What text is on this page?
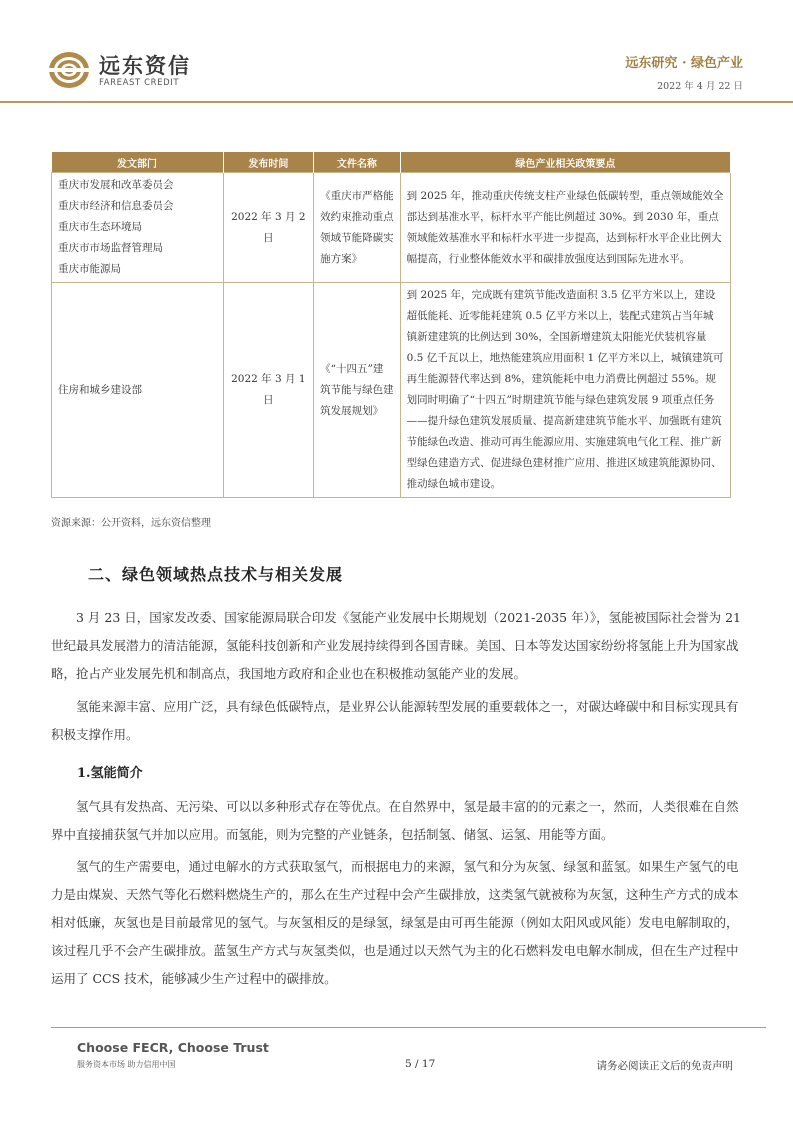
远东资信
FAREAST CREDIT
远东研究 · 绿色产业
2022 年 4 月 22 日
发文部门	发布时间	文件名称	绿色产业相关政策要点

重庆市发展和改革委员会
重庆市经济和信息委员会
重庆市生态环境局
重庆市市场监督管理局
重庆市能源局	2022 年 3 月 2 日	《重庆市严格能效约束推动重点领域节能降碳实施方案》	到 2025 年，推动重庆传统支柱产业绿色低碳转型，重点领域能效全部达到基准水平，标杆水平产能比例超过 30%。到 2030 年，重点领域能效基准水平和标杆水平进一步提高，达到标杆水平企业比例大幅提高，行业整体能效水平和碳排放强度达到国际先进水平。

住房和城乡建设部	2022 年 3 月 1 日	《“十四五”建筑节能与绿色建筑发展规划》	到 2025 年，完成既有建筑节能改造面积 3.5 亿平方米以上，建设超低能耗、近零能耗建筑 0.5 亿平方米以上，装配式建筑占当年城镇新建建筑的比例达到 30%，全国新增建筑太阳能光伏装机容量 0.5 亿千瓦以上，地热能建筑应用面积 1 亿平方米以上，城镇建筑可再生能源替代率达到 8%，建筑能耗中电力消费比例超过 55%。规划同时明确了“十四五”时期建筑节能与绿色建筑发展 9 项重点任务——提升绿色建筑发展质量、提高新建建筑节能水平、加强既有建筑节能绿色改造、推动可再生能源应用、实施建筑电气化工程、推广新型绿色建造方式、促进绿色建材推广应用、推进区域建筑能源协同、推动绿色城市建设。
资源来源：公开资料，远东资信整理
二、绿色领域热点技术与相关发展

3 月 23 日，国家发改委、国家能源局联合印发《氢能产业发展中长期规划（2021-2035 年）》，氢能被国际社会誉为 21 世纪最具发展潜力的清洁能源，氢能科技创新和产业发展持续得到各国青睐。美国、日本等发达国家纷纷将氢能上升为国家战略，抢占产业发展先机和制高点，我国地方政府和企业也在积极推动氢能产业的发展。

氢能来源丰富、应用广泛，具有绿色低碳特点，是业界公认能源转型发展的重要载体之一，对碳达峰碳中和目标实现具有积极支撑作用。

1.氢能简介

氢气具有发热高、无污染、可以以多种形式存在等优点。在自然界中，氢是最丰富的的元素之一，然而，人类很难在自然界中直接捕获氢气并加以应用。而氢能，则为完整的产业链条，包括制氢、储氢、运氢、用能等方面。

氢气的生产需要电，通过电解水的方式获取氢气，而根据电力的来源，氢气和分为灰氢、绿氢和蓝氢。如果生产氢气的电力是由煤炭、天然气等化石燃料燃烧生产的，那么在生产过程中会产生碳排放，这类氢气就被称为灰氢，这种生产方式的成本相对低廉，灰氢也是目前最常见的氢气。与灰氢相反的是绿氢，绿氢是由可再生能源（例如太阳风或风能）发电电解制取的，该过程几乎不会产生碳排放。蓝氢生产方式与灰氢类似，也是通过以天然气为主的化石燃料发电电解水制成，但在生产过程中运用了 CCS 技术，能够减少生产过程中的碳排放。

Choose FECR, Choose Trust
服务资本市场 助力信用中国	5 / 17	请务必阅读正文后的免责声明
